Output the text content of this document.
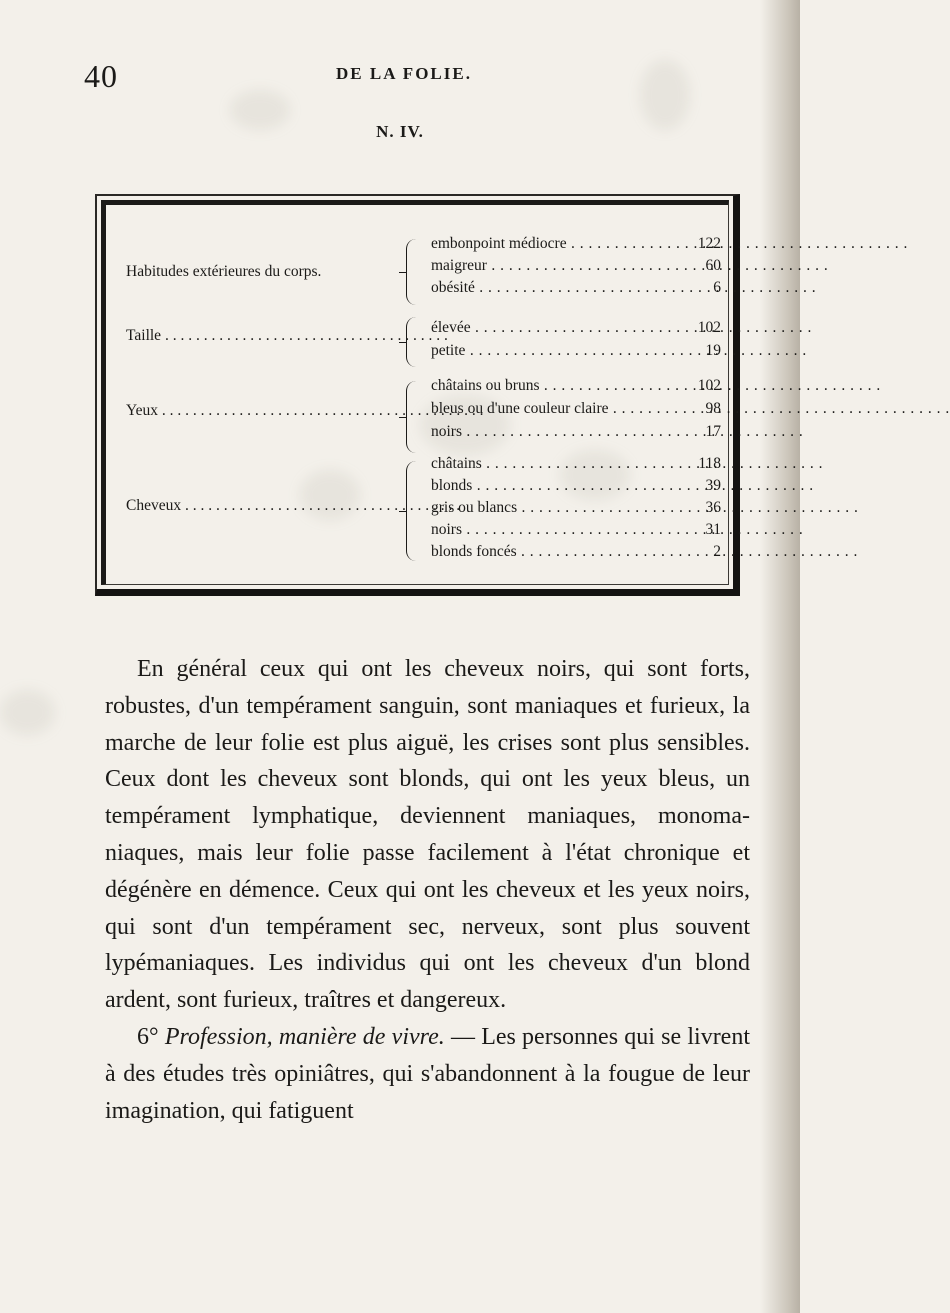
40	DE LA FOLIE.
N. IV.
Habitudes extérieures du corps.
embonpoint médiocre . . .	122
maigreur . . .	60
obésité . . .	6
Taille . . . . . . . . . . . . . . . . . . . . . . . . . . . . . . . . . . . . .
élevée . . .	102
petite . . .	19
Yeux . . . . . . . . . . . . . . . . . . . . . . . . . . . . . . . . . . . . . . . . . .
châtains ou bruns . . .	102
bleus ou d'une couleur claire . . .	98
noirs . . .	17
Cheveux . . . . . . . . . . . . . . . . . . . . . . . . . . . . . . . . . . . .
châtains . . .	118
blonds . . .	39
gris ou blancs . . .	36
noirs . . .	31
blonds foncés . . .	2

En général ceux qui ont les cheveux noirs, qui sont forts, robustes, d'un tempérament sanguin, sont maniaques et furieux, la marche de leur folie est plus aiguë, les crises sont plus sensibles. Ceux dont les cheveux sont blonds, qui ont les yeux bleus, un tempérament lymphatique, deviennent maniaques, monomaniaques, mais leur folie passe facilement à l'état chronique et dégénère en démence. Ceux qui ont les cheveux et les yeux noirs, qui sont d'un tempérament sec, nerveux, sont plus souvent lypémaniaques. Les individus qui ont les cheveux d'un blond ardent, sont furieux, traîtres et dangereux.

6° Profession, manière de vivre. — Les personnes qui se livrent à des études très opiniâtres, qui s'abandonnent à la fougue de leur imagination, qui fatiguent
